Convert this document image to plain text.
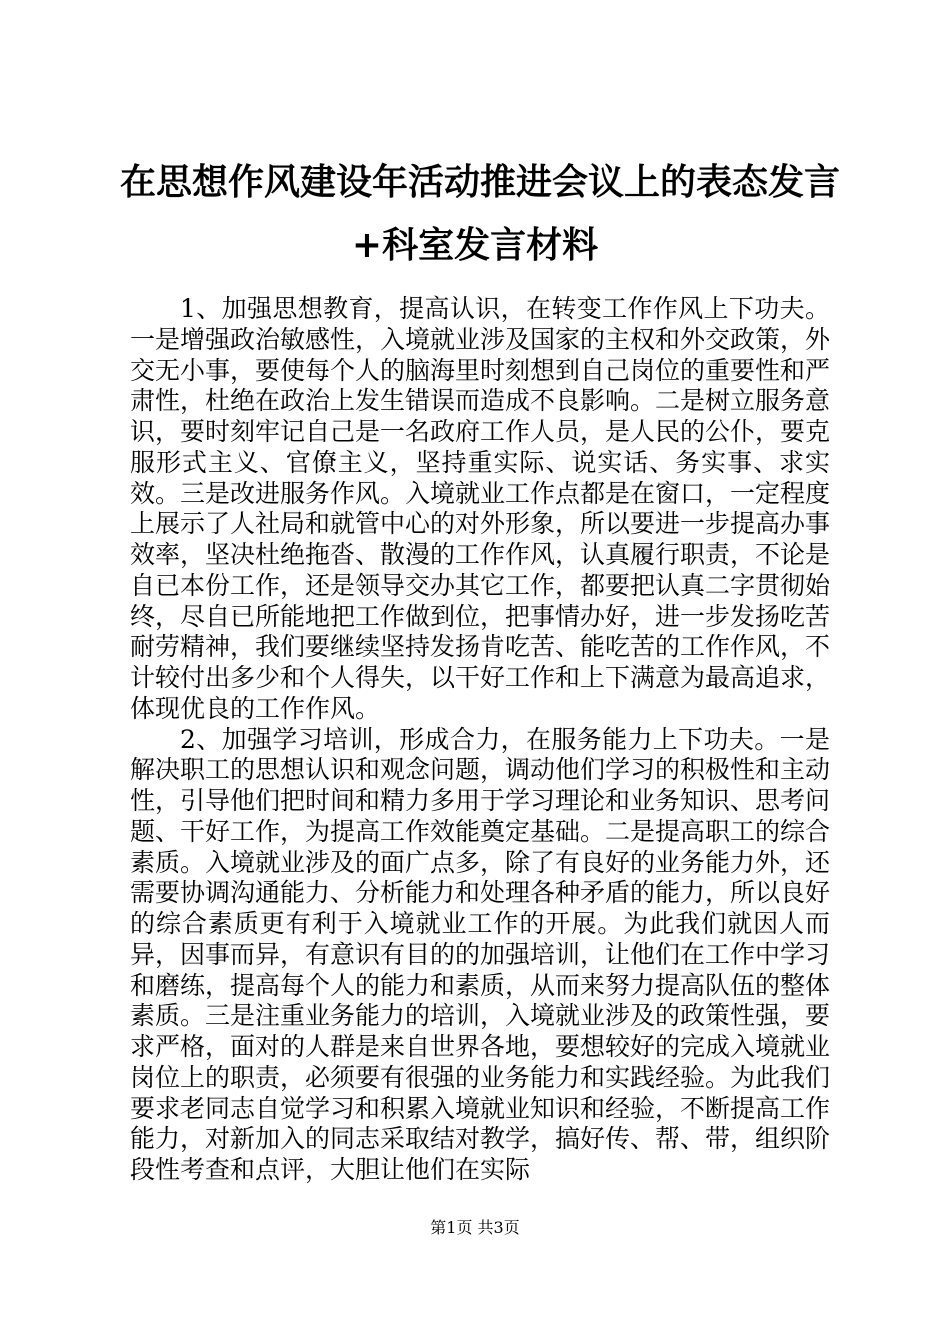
在思想作风建设年活动推进会议上的表态发言
+科室发言材料

1、加强思想教育，提高认识，在转变工作作风上下功夫。一是增强政治敏感性，入境就业涉及国家的主权和外交政策，外交无小事，要使每个人的脑海里时刻想到自己岗位的重要性和严肃性，杜绝在政治上发生错误而造成不良影响。二是树立服务意识，要时刻牢记自己是一名政府工作人员，是人民的公仆，要克服形式主义、官僚主义，坚持重实际、说实话、务实事、求实效。三是改进服务作风。入境就业工作点都是在窗口，一定程度上展示了人社局和就管中心的对外形象，所以要进一步提高办事效率，坚决杜绝拖沓、散漫的工作作风，认真履行职责，不论是自已本份工作，还是领导交办其它工作，都要把认真二字贯彻始终，尽自已所能地把工作做到位，把事情办好，进一步发扬吃苦耐劳精神，我们要继续坚持发扬肯吃苦、能吃苦的工作作风，不计较付出多少和个人得失，以干好工作和上下满意为最高追求，体现优良的工作作风。

2、加强学习培训，形成合力，在服务能力上下功夫。一是解决职工的思想认识和观念问题，调动他们学习的积极性和主动性，引导他们把时间和精力多用于学习理论和业务知识、思考问题、干好工作，为提高工作效能奠定基础。二是提高职工的综合素质。入境就业涉及的面广点多，除了有良好的业务能力外，还需要协调沟通能力、分析能力和处理各种矛盾的能力，所以良好的综合素质更有利于入境就业工作的开展。为此我们就因人而异，因事而异，有意识有目的的加强培训，让他们在工作中学习和磨练，提高每个人的能力和素质，从而来努力提高队伍的整体素质。三是注重业务能力的培训，入境就业涉及的政策性强，要求严格，面对的人群是来自世界各地，要想较好的完成入境就业岗位上的职责，必须要有很强的业务能力和实践经验。为此我们要求老同志自觉学习和积累入境就业知识和经验，不断提高工作能力，对新加入的同志采取结对教学，搞好传、帮、带，组织阶段性考查和点评，大胆让他们在实际

第1页 共3页
